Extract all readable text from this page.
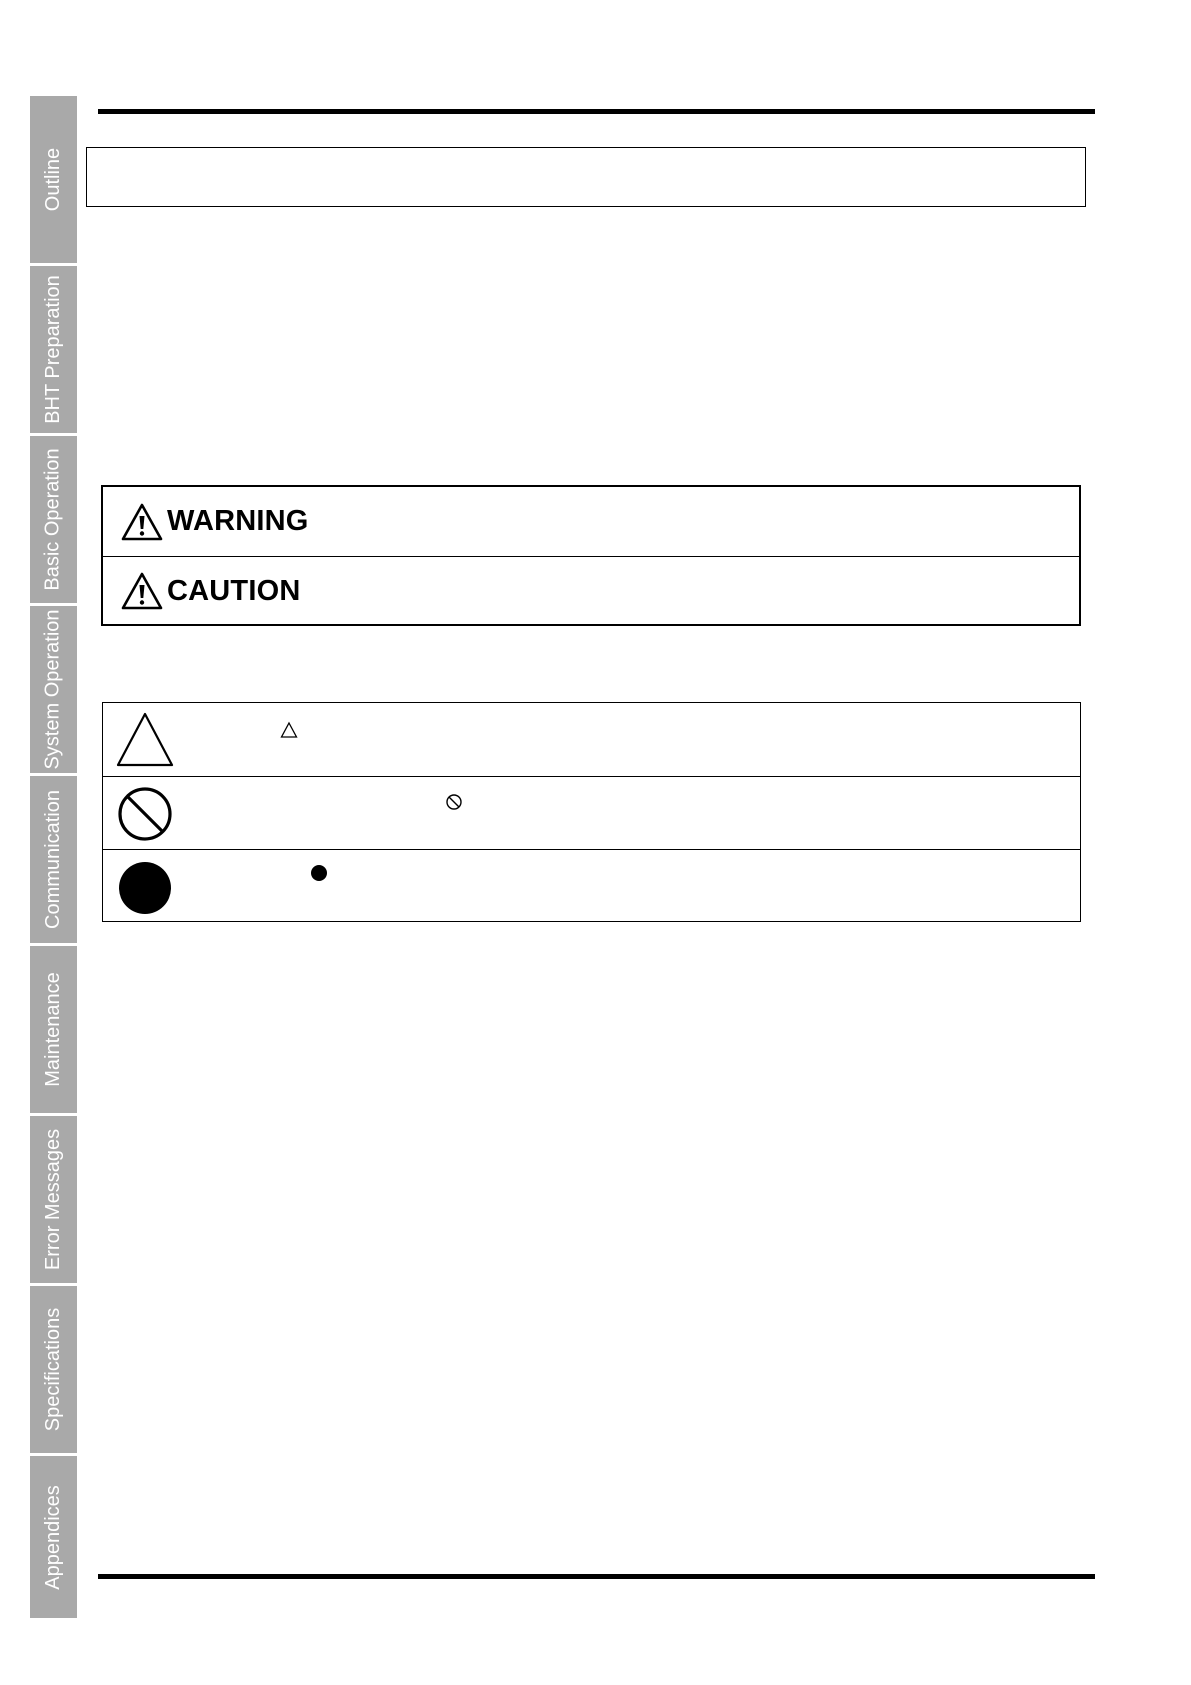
Outline
BHT Preparation
Basic Operation
System Operation
Communication
Maintenance
Error Messages
Specifications
Appendices
WARNING
CAUTION
